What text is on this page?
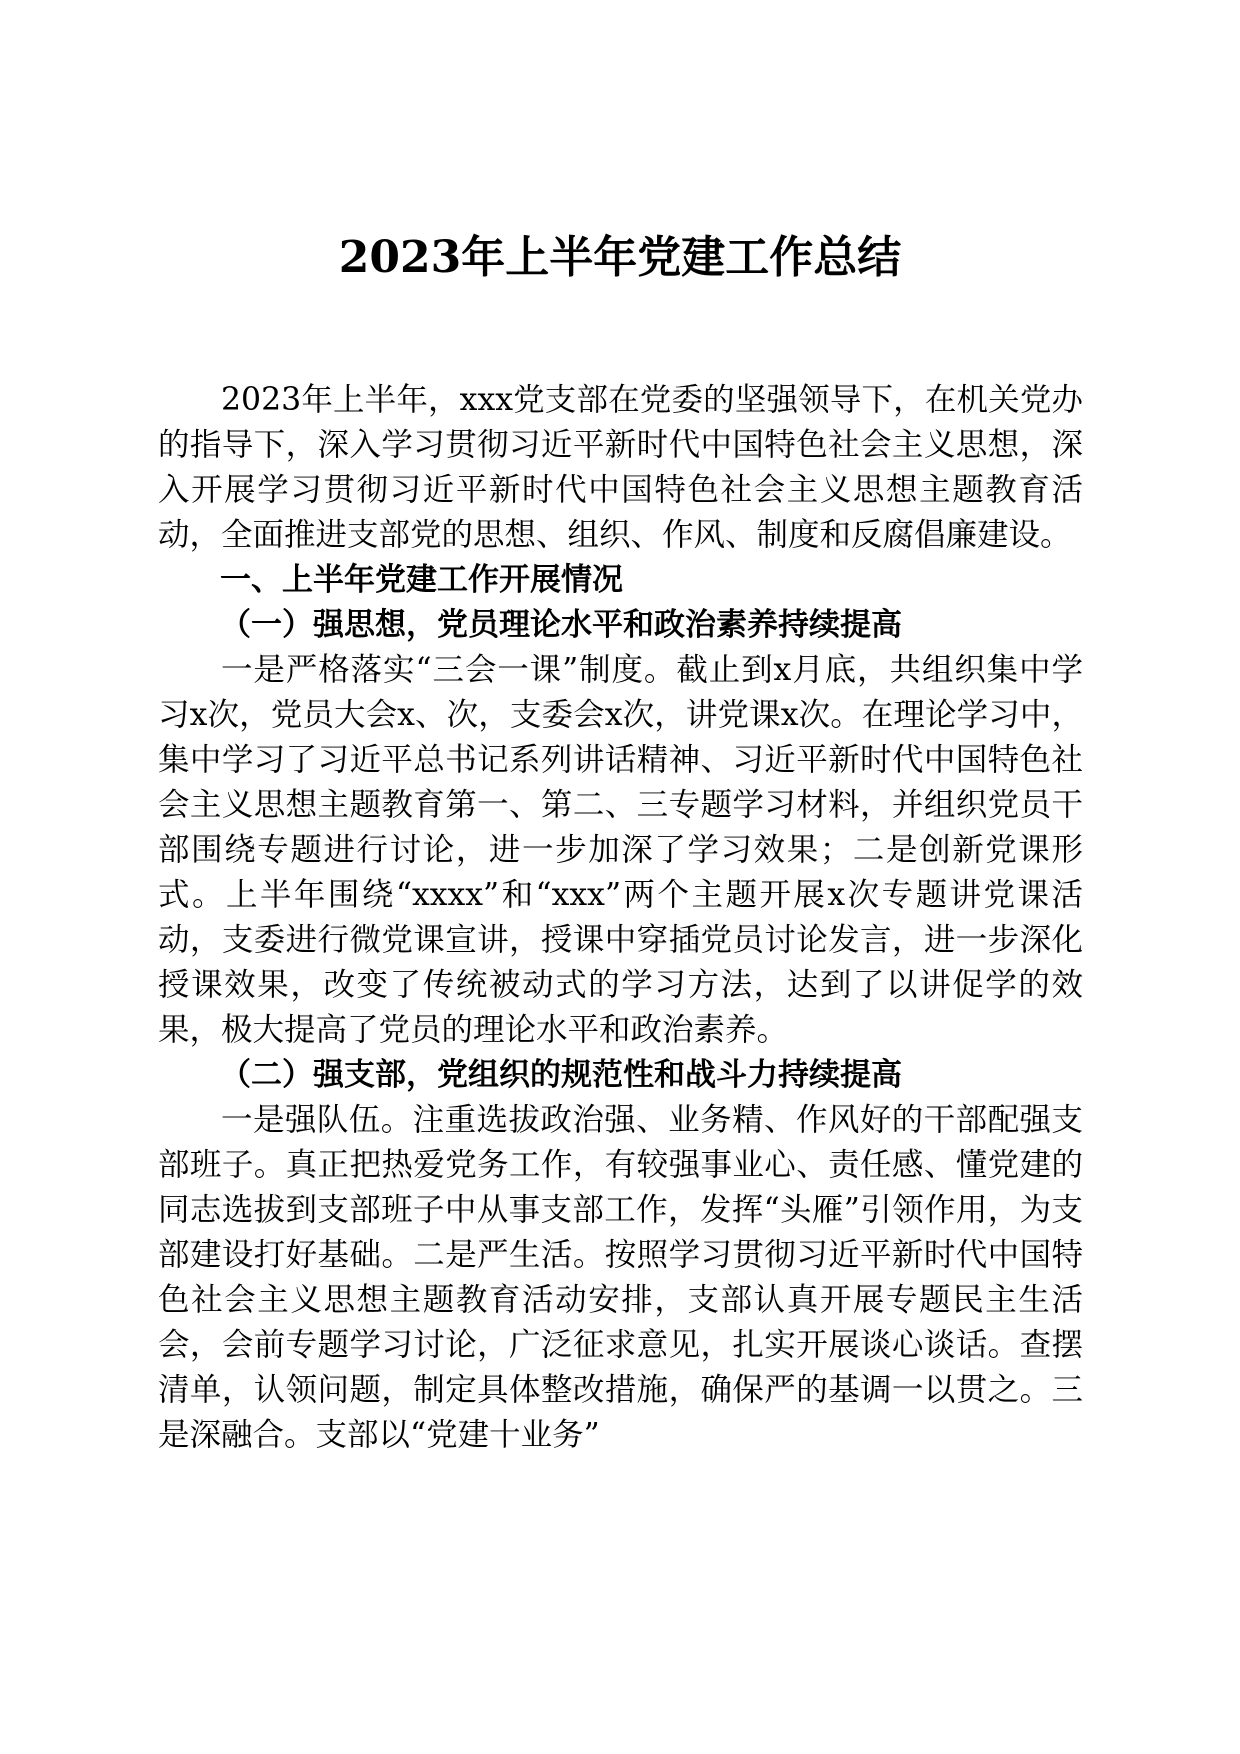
2023年上半年党建工作总结

2023年上半年，xxx党支部在党委的坚强领导下，在机关党办的指导下，深入学习贯彻习近平新时代中国特色社会主义思想，深入开展学习贯彻习近平新时代中国特色社会主义思想主题教育活动，全面推进支部党的思想、组织、作风、制度和反腐倡廉建设。

一、上半年党建工作开展情况

（一）强思想，党员理论水平和政治素养持续提高

一是严格落实“三会一课”制度。截止到x月底，共组织集中学习x次，党员大会x、次，支委会x次，讲党课x次。在理论学习中，集中学习了习近平总书记系列讲话精神、习近平新时代中国特色社会主义思想主题教育第一、第二、三专题学习材料，并组织党员干部围绕专题进行讨论，进一步加深了学习效果；二是创新党课形式。上半年围绕“xxxx”和“xxx”两个主题开展x次专题讲党课活动，支委进行微党课宣讲，授课中穿插党员讨论发言，进一步深化授课效果，改变了传统被动式的学习方法，达到了以讲促学的效果，极大提高了党员的理论水平和政治素养。

（二）强支部，党组织的规范性和战斗力持续提高

一是强队伍。注重选拔政治强、业务精、作风好的干部配强支部班子。真正把热爱党务工作，有较强事业心、责任感、懂党建的同志选拔到支部班子中从事支部工作，发挥“头雁”引领作用，为支部建设打好基础。二是严生活。按照学习贯彻习近平新时代中国特色社会主义思想主题教育活动安排，支部认真开展专题民主生活会，会前专题学习讨论，广泛征求意见，扎实开展谈心谈话。查摆清单，认领问题，制定具体整改措施，确保严的基调一以贯之。三是深融合。支部以“党建十业务”
